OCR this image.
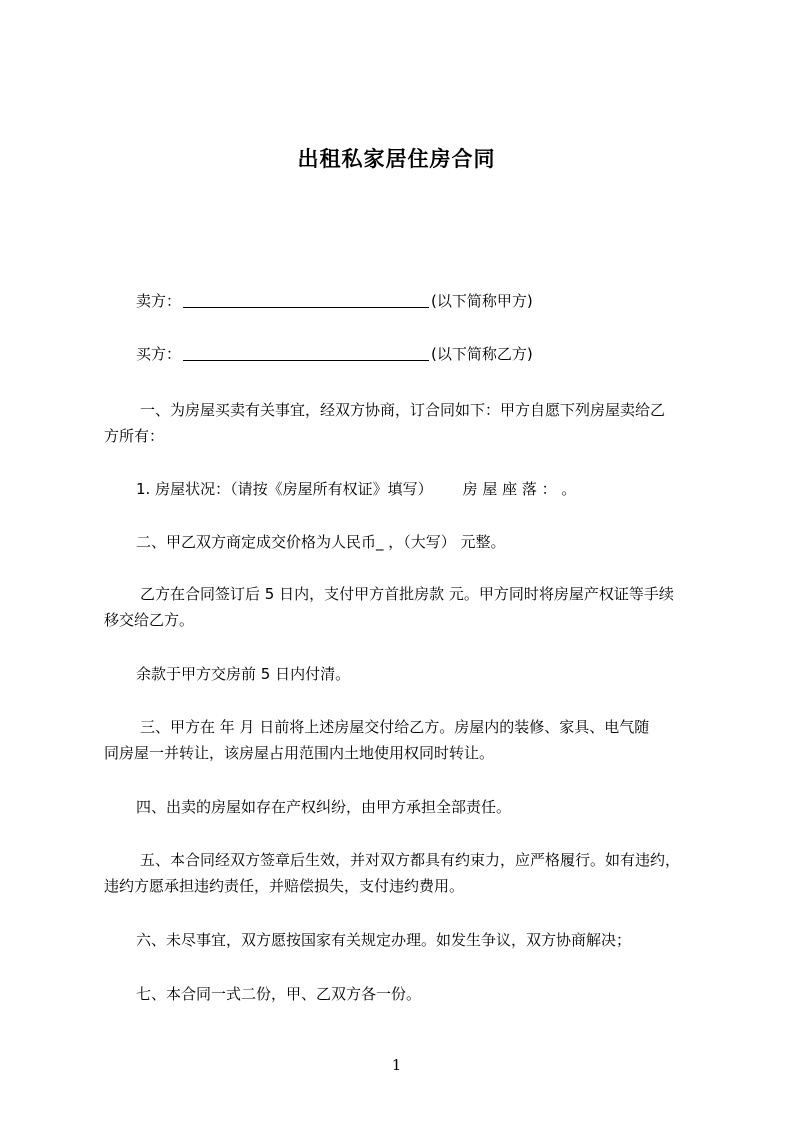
出租私家居住房合同
卖方：	(以下简称甲方)
买方：	(以下简称乙方)
一、为房屋买卖有关事宜，经双方协商，订合同如下：甲方自愿下列房屋卖给乙
方所有：
1. 房屋状况：（请按《房屋所有权证》填写） 房 屋 座 落 ： 。
二、甲乙双方商定成交价格为人民币_ ，（大写） 元整。
乙方在合同签订后 5 日内，支付甲方首批房款 元。甲方同时将房屋产权证等手续
移交给乙方。
余款于甲方交房前 5 日内付清。
三、甲方在 年 月 日前将上述房屋交付给乙方。房屋内的装修、家具、电气随
同房屋一并转让，该房屋占用范围内土地使用权同时转让。
四、出卖的房屋如存在产权纠纷，由甲方承担全部责任。
五、本合同经双方签章后生效，并对双方都具有约束力，应严格履行。如有违约，
违约方愿承担违约责任，并赔偿损失，支付违约费用。
六、未尽事宜，双方愿按国家有关规定办理。如发生争议，双方协商解决；
七、本合同一式二份，甲、乙双方各一份。
1
